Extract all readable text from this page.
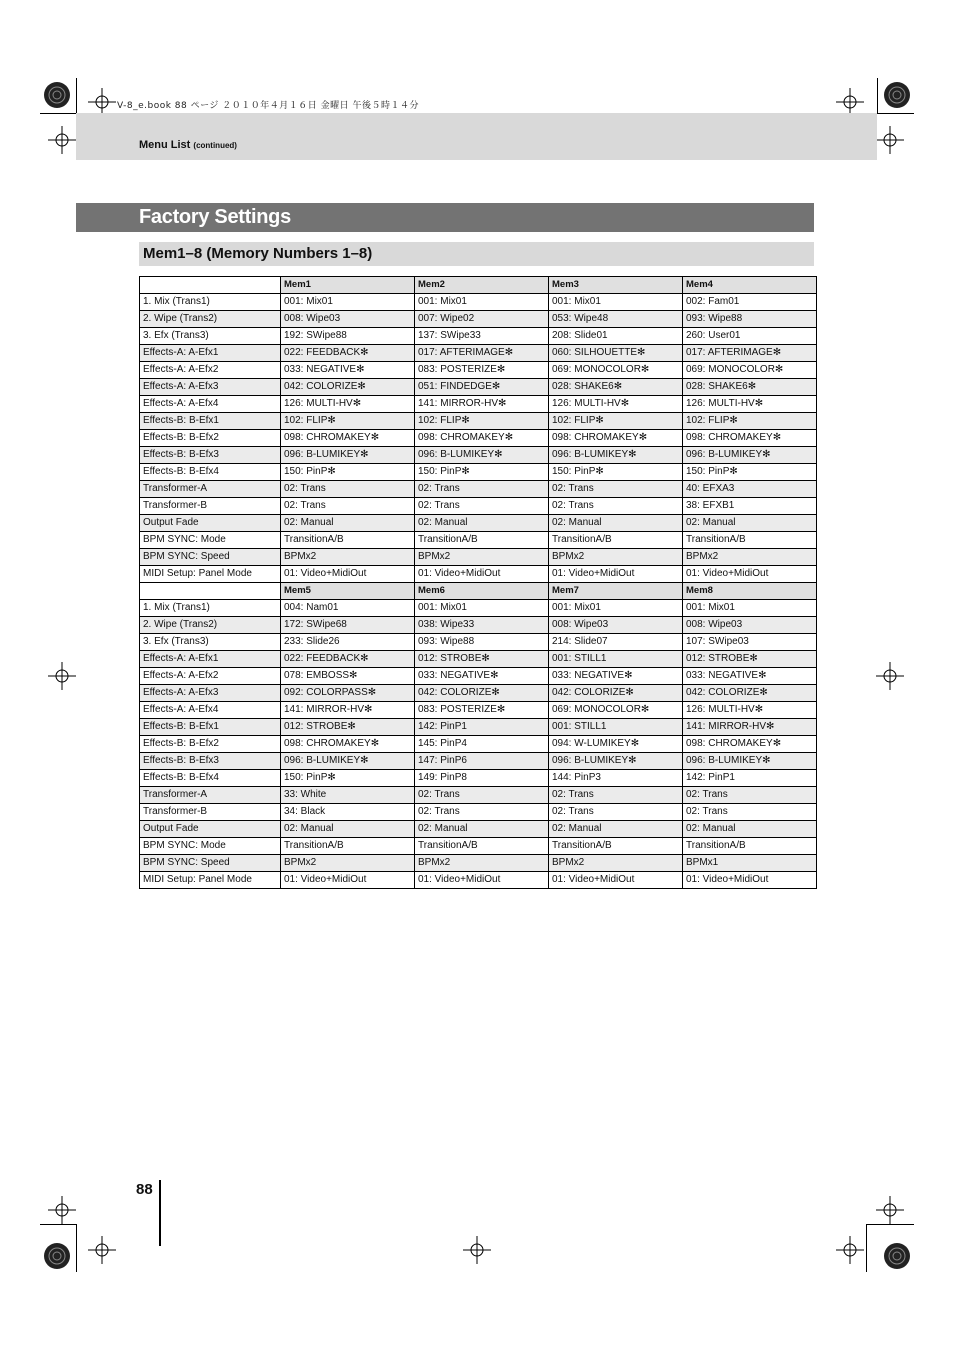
V-8_e.book 88 ページ ２０１０年４月１６日 金曜日 午後５時１４分
Menu List (continued)
Factory Settings
Mem1–8 (Memory Numbers 1–8)
	Mem1	Mem2	Mem3	Mem4
1. Mix (Trans1)	001: Mix01	001: Mix01	001: Mix01	002: Fam01
2. Wipe (Trans2)	008: Wipe03	007: Wipe02	053: Wipe48	093: Wipe88
3. Efx (Trans3)	192: SWipe88	137: SWipe33	208: Slide01	260: User01
Effects-A: A-Efx1	022: FEEDBACK✻	017: AFTERIMAGE✻	060: SILHOUETTE✻	017: AFTERIMAGE✻
Effects-A: A-Efx2	033: NEGATIVE✻	083: POSTERIZE✻	069: MONOCOLOR✻	069: MONOCOLOR✻
Effects-A: A-Efx3	042: COLORIZE✻	051: FINDEDGE✻	028: SHAKE6✻	028: SHAKE6✻
Effects-A: A-Efx4	126: MULTI-HV✻	141: MIRROR-HV✻	126: MULTI-HV✻	126: MULTI-HV✻
Effects-B: B-Efx1	102: FLIP✻	102: FLIP✻	102: FLIP✻	102: FLIP✻
Effects-B: B-Efx2	098: CHROMAKEY✻	098: CHROMAKEY✻	098: CHROMAKEY✻	098: CHROMAKEY✻
Effects-B: B-Efx3	096: B-LUMIKEY✻	096: B-LUMIKEY✻	096: B-LUMIKEY✻	096: B-LUMIKEY✻
Effects-B: B-Efx4	150: PinP✻	150: PinP✻	150: PinP✻	150: PinP✻
Transformer-A	02: Trans	02: Trans	02: Trans	40: EFXA3
Transformer-B	02: Trans	02: Trans	02: Trans	38: EFXB1
Output Fade	02: Manual	02: Manual	02: Manual	02: Manual
BPM SYNC: Mode	TransitionA/B	TransitionA/B	TransitionA/B	TransitionA/B
BPM SYNC: Speed	BPMx2	BPMx2	BPMx2	BPMx2
MIDI Setup: Panel Mode	01: Video+MidiOut	01: Video+MidiOut	01: Video+MidiOut	01: Video+MidiOut
	Mem5	Mem6	Mem7	Mem8
1. Mix (Trans1)	004: Nam01	001: Mix01	001: Mix01	001: Mix01
2. Wipe (Trans2)	172: SWipe68	038: Wipe33	008: Wipe03	008: Wipe03
3. Efx (Trans3)	233: Slide26	093: Wipe88	214: Slide07	107: SWipe03
Effects-A: A-Efx1	022: FEEDBACK✻	012: STROBE✻	001: STILL1	012: STROBE✻
Effects-A: A-Efx2	078: EMBOSS✻	033: NEGATIVE✻	033: NEGATIVE✻	033: NEGATIVE✻
Effects-A: A-Efx3	092: COLORPASS✻	042: COLORIZE✻	042: COLORIZE✻	042: COLORIZE✻
Effects-A: A-Efx4	141: MIRROR-HV✻	083: POSTERIZE✻	069: MONOCOLOR✻	126: MULTI-HV✻
Effects-B: B-Efx1	012: STROBE✻	142: PinP1	001: STILL1	141: MIRROR-HV✻
Effects-B: B-Efx2	098: CHROMAKEY✻	145: PinP4	094: W-LUMIKEY✻	098: CHROMAKEY✻
Effects-B: B-Efx3	096: B-LUMIKEY✻	147: PinP6	096: B-LUMIKEY✻	096: B-LUMIKEY✻
Effects-B: B-Efx4	150: PinP✻	149: PinP8	144: PinP3	142: PinP1
Transformer-A	33: White	02: Trans	02: Trans	02: Trans
Transformer-B	34: Black	02: Trans	02: Trans	02: Trans
Output Fade	02: Manual	02: Manual	02: Manual	02: Manual
BPM SYNC: Mode	TransitionA/B	TransitionA/B	TransitionA/B	TransitionA/B
BPM SYNC: Speed	BPMx2	BPMx2	BPMx2	BPMx1
MIDI Setup: Panel Mode	01: Video+MidiOut	01: Video+MidiOut	01: Video+MidiOut	01: Video+MidiOut
88
